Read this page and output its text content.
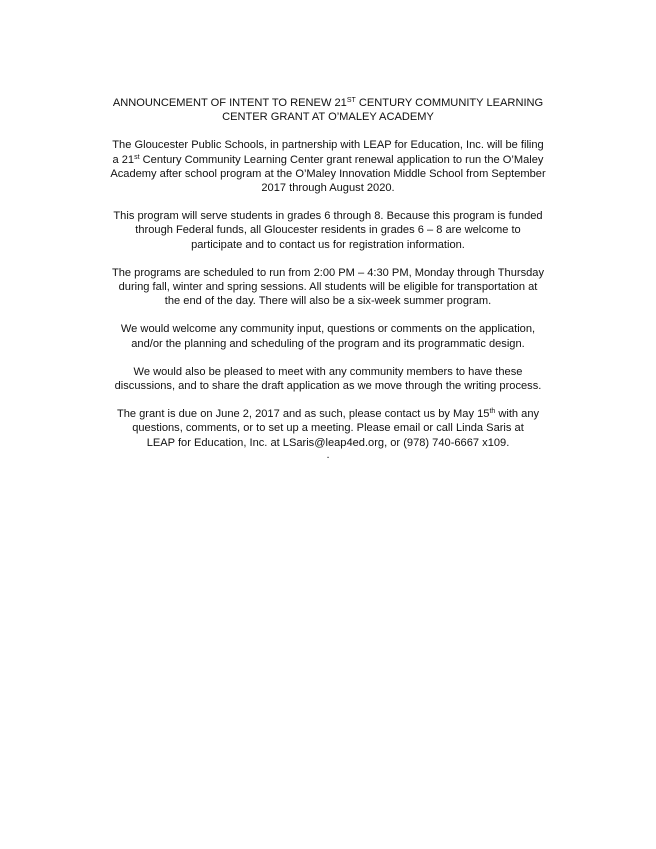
ANNOUNCEMENT OF INTENT TO RENEW 21ST CENTURY COMMUNITY LEARNING
CENTER GRANT AT O’MALEY ACADEMY

The Gloucester Public Schools, in partnership with LEAP for Education, Inc. will be filing
a 21st Century Community Learning Center grant renewal application to run the O’Maley
Academy after school program at the O’Maley Innovation Middle School from September
2017 through August 2020.

This program will serve students in grades 6 through 8. Because this program is funded
through Federal funds, all Gloucester residents in grades 6 – 8 are welcome to
participate and to contact us for registration information.

The programs are scheduled to run from 2:00 PM – 4:30 PM, Monday through Thursday
during fall, winter and spring sessions. All students will be eligible for transportation at
the end of the day. There will also be a six-week summer program.

We would welcome any community input, questions or comments on the application,
and/or the planning and scheduling of the program and its programmatic design.

We would also be pleased to meet with any community members to have these
discussions, and to share the draft application as we move through the writing process.

The grant is due on June 2, 2017 and as such, please contact us by May 15th with any
questions, comments, or to set up a meeting. Please email or call Linda Saris at
LEAP for Education, Inc. at LSaris@leap4ed.org, or (978) 740-6667 x109.
.
